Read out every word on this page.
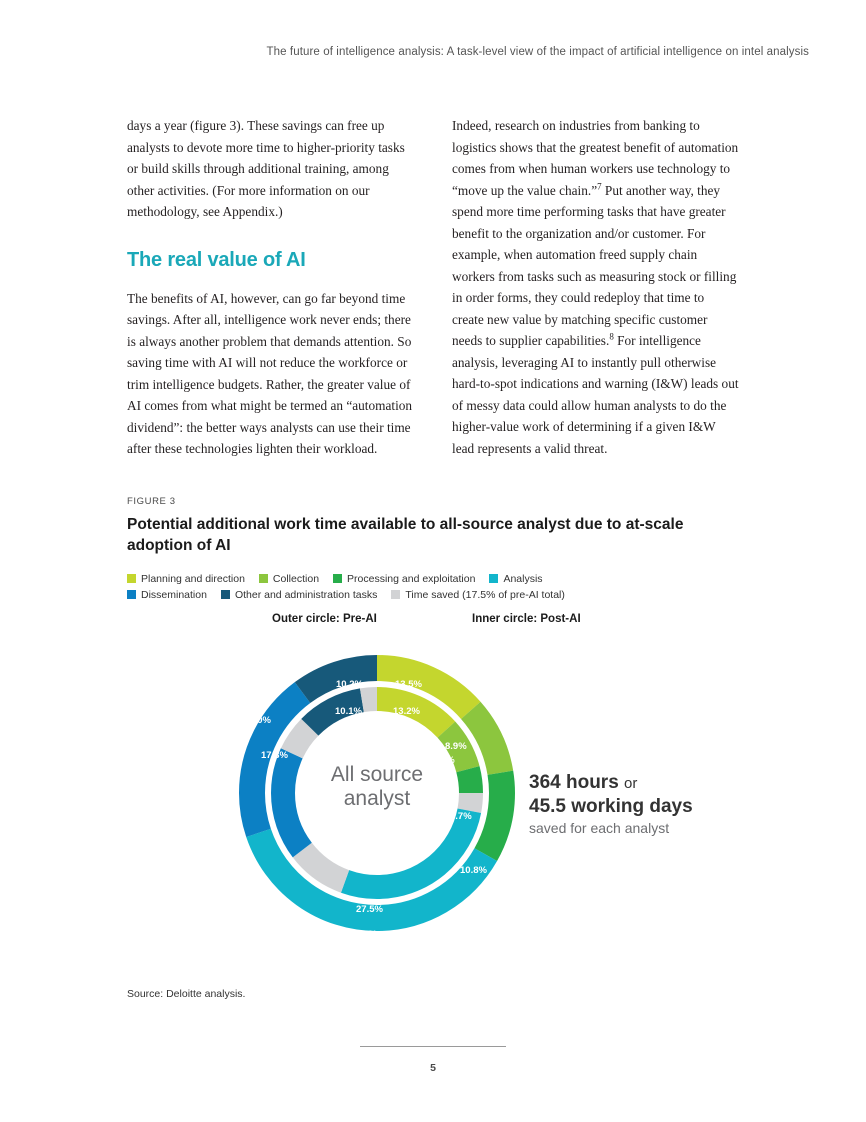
The future of intelligence analysis: A task-level view of the impact of artificial intelligence on intel analysis

days a year (figure 3). These savings can free up analysts to devote more time to higher-priority tasks or build skills through additional training, among other activities. (For more information on our methodology, see Appendix.)

The real value of AI

The benefits of AI, however, can go far beyond time savings. After all, intelligence work never ends; there is always another problem that demands attention. So saving time with AI will not reduce the workforce or trim intelligence budgets. Rather, the greater value of AI comes from what might be termed an “automation dividend”: the better ways analysts can use their time after these technologies lighten their workload.

Indeed, research on industries from banking to logistics shows that the greatest benefit of automation comes from when human workers use technology to “move up the value chain.”$^7$ Put another way, they spend more time performing tasks that have greater benefit to the organization and/or customer. For example, when automation freed supply chain workers from tasks such as measuring stock or filling in order forms, they could redeploy that time to create new value by matching specific customer needs to supplier capabilities.$^8$ For intelligence analysis, leveraging AI to instantly pull otherwise hard-to-spot indications and warning (I&W) leads out of messy data could allow human analysts to do the higher-value work of determining if a given I&W lead represents a valid threat.

FIGURE 3
Potential additional work time available to all-source analyst due to at-scale adoption of AI
Planning and direction	Collection	Processing and exploitation	Analysis
Dissemination	Other and administration tasks	Time saved (17.5% of pre-AI total)
Outer circle: Pre-AI	Inner circle: Post-AI
All source
analyst
13.5%
8.9%
10.8%
36.6%
20.0%
10.2%
13.2%
7.7%
27.5%
17.3%
10.1%
6.7%
364 hours or
45.5 working days
saved for each analyst
Source: Deloitte analysis.
5
